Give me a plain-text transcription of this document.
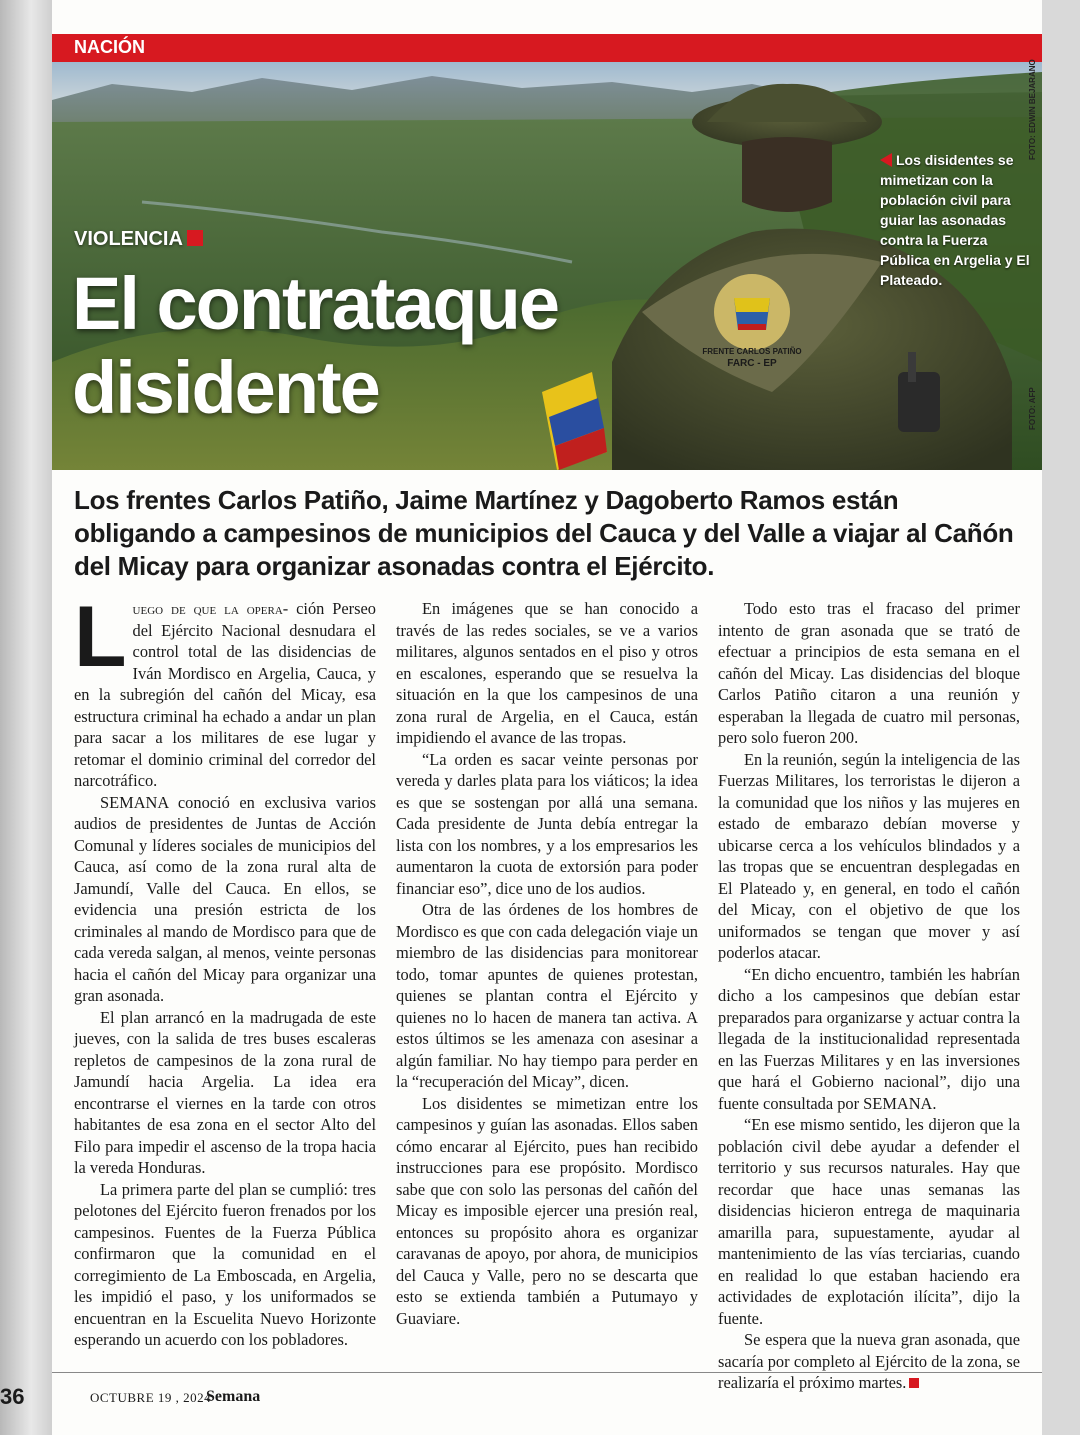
NACIÓN
FRENTE CARLOS PATIÑO
FARC - EP
VIOLENCIA
El contrataque
disidente
Los disidentes se mimetizan con la población civil para guiar las asonadas contra la Fuerza Pública en Argelia y El Plateado.
FOTO: EDWIN BEJARANO
FOTO: AFP
Los frentes Carlos Patiño, Jaime Martínez y Dagoberto Ramos están obligando a campesinos de municipios del Cauca y del Valle a viajar al Cañón del Micay para organizar asonadas contra el Ejército.

Luego de que la opera- ción Perseo del Ejército Nacional desnudara el control total de las disidencias de Iván Mordisco en Argelia, Cauca, y en la subregión del cañón del Micay, esa estructura criminal ha echado a andar un plan para sacar a los militares de ese lugar y retomar el dominio criminal del corredor del narcotráfico.

SEMANA conoció en exclusiva varios audios de presidentes de Juntas de Acción Comunal y líderes sociales de municipios del Cauca, así como de la zona rural alta de Jamundí, Valle del Cauca. En ellos, se evidencia una presión estricta de los criminales al mando de Mordisco para que de cada vereda salgan, al menos, veinte personas hacia el cañón del Micay para organizar una gran asonada.

El plan arrancó en la madrugada de este jueves, con la salida de tres buses escaleras repletos de campesinos de la zona rural de Jamundí hacia Argelia. La idea era encontrarse el viernes en la tarde con otros habitantes de esa zona en el sector Alto del Filo para impedir el ascenso de la tropa hacia la vereda Honduras.

La primera parte del plan se cumplió: tres pelotones del Ejército fueron frenados por los campesinos. Fuentes de la Fuerza Pública confirmaron que la comunidad en el corregimiento de La Emboscada, en Argelia, les impidió el paso, y los uniformados se encuentran en la Escuelita Nuevo Horizonte esperando un acuerdo con los pobladores.

En imágenes que se han conocido a través de las redes sociales, se ve a varios militares, algunos sentados en el piso y otros en escalones, esperando que se resuelva la situación en la que los campesinos de una zona rural de Argelia, en el Cauca, están impidiendo el avance de las tropas.

“La orden es sacar veinte personas por vereda y darles plata para los viáticos; la idea es que se sostengan por allá una semana. Cada presidente de Junta debía entregar la lista con los nombres, y a los empresarios les aumentaron la cuota de extorsión para poder financiar eso”, dice uno de los audios.

Otra de las órdenes de los hombres de Mordisco es que con cada delegación viaje un miembro de las disidencias para monitorear todo, tomar apuntes de quienes protestan, quienes se plantan contra el Ejército y quienes no lo hacen de manera tan activa. A estos últimos se les amenaza con asesinar a algún familiar. No hay tiempo para perder en la “recuperación del Micay”, dicen.

Los disidentes se mimetizan entre los campesinos y guían las asonadas. Ellos saben cómo encarar al Ejército, pues han recibido instrucciones para ese propósito. Mordisco sabe que con solo las personas del cañón del Micay es imposible ejercer una presión real, entonces su propósito ahora es organizar caravanas de apoyo, por ahora, de municipios del Cauca y Valle, pero no se descarta que esto se extienda también a Putumayo y Guaviare.

Todo esto tras el fracaso del primer intento de gran asonada que se trató de efectuar a principios de esta semana en el cañón del Micay. Las disidencias del bloque Carlos Patiño citaron a una reunión y esperaban la llegada de cuatro mil personas, pero solo fueron 200.

En la reunión, según la inteligencia de las Fuerzas Militares, los terroristas le dijeron a la comunidad que los niños y las mujeres en estado de embarazo debían moverse y ubicarse cerca a los vehículos blindados y a las tropas que se encuentran desplegadas en El Plateado y, en general, en todo el cañón del Micay, con el objetivo de que los uniformados se tengan que mover y así poderlos atacar.

“En dicho encuentro, también les habrían dicho a los campesinos que debían estar preparados para organizarse y actuar contra la llegada de la institucionalidad representada en las Fuerzas Militares y en las inversiones que hará el Gobierno nacional”, dijo una fuente consultada por SEMANA.

“En ese mismo sentido, les dijeron que la población civil debe ayudar a defender el territorio y sus recursos naturales. Hay que recordar que hace unas semanas las disidencias hicieron entrega de maquinaria amarilla para, supuestamente, ayudar al mantenimiento de las vías terciarias, cuando en realidad lo que estaban haciendo era actividades de explotación ilícita”, dijo la fuente.

Se espera que la nueva gran asonada, que sacaría por completo al Ejército de la zona, se realizaría el próximo martes.

36	OCTUBRE 19 , 2024
Semana
